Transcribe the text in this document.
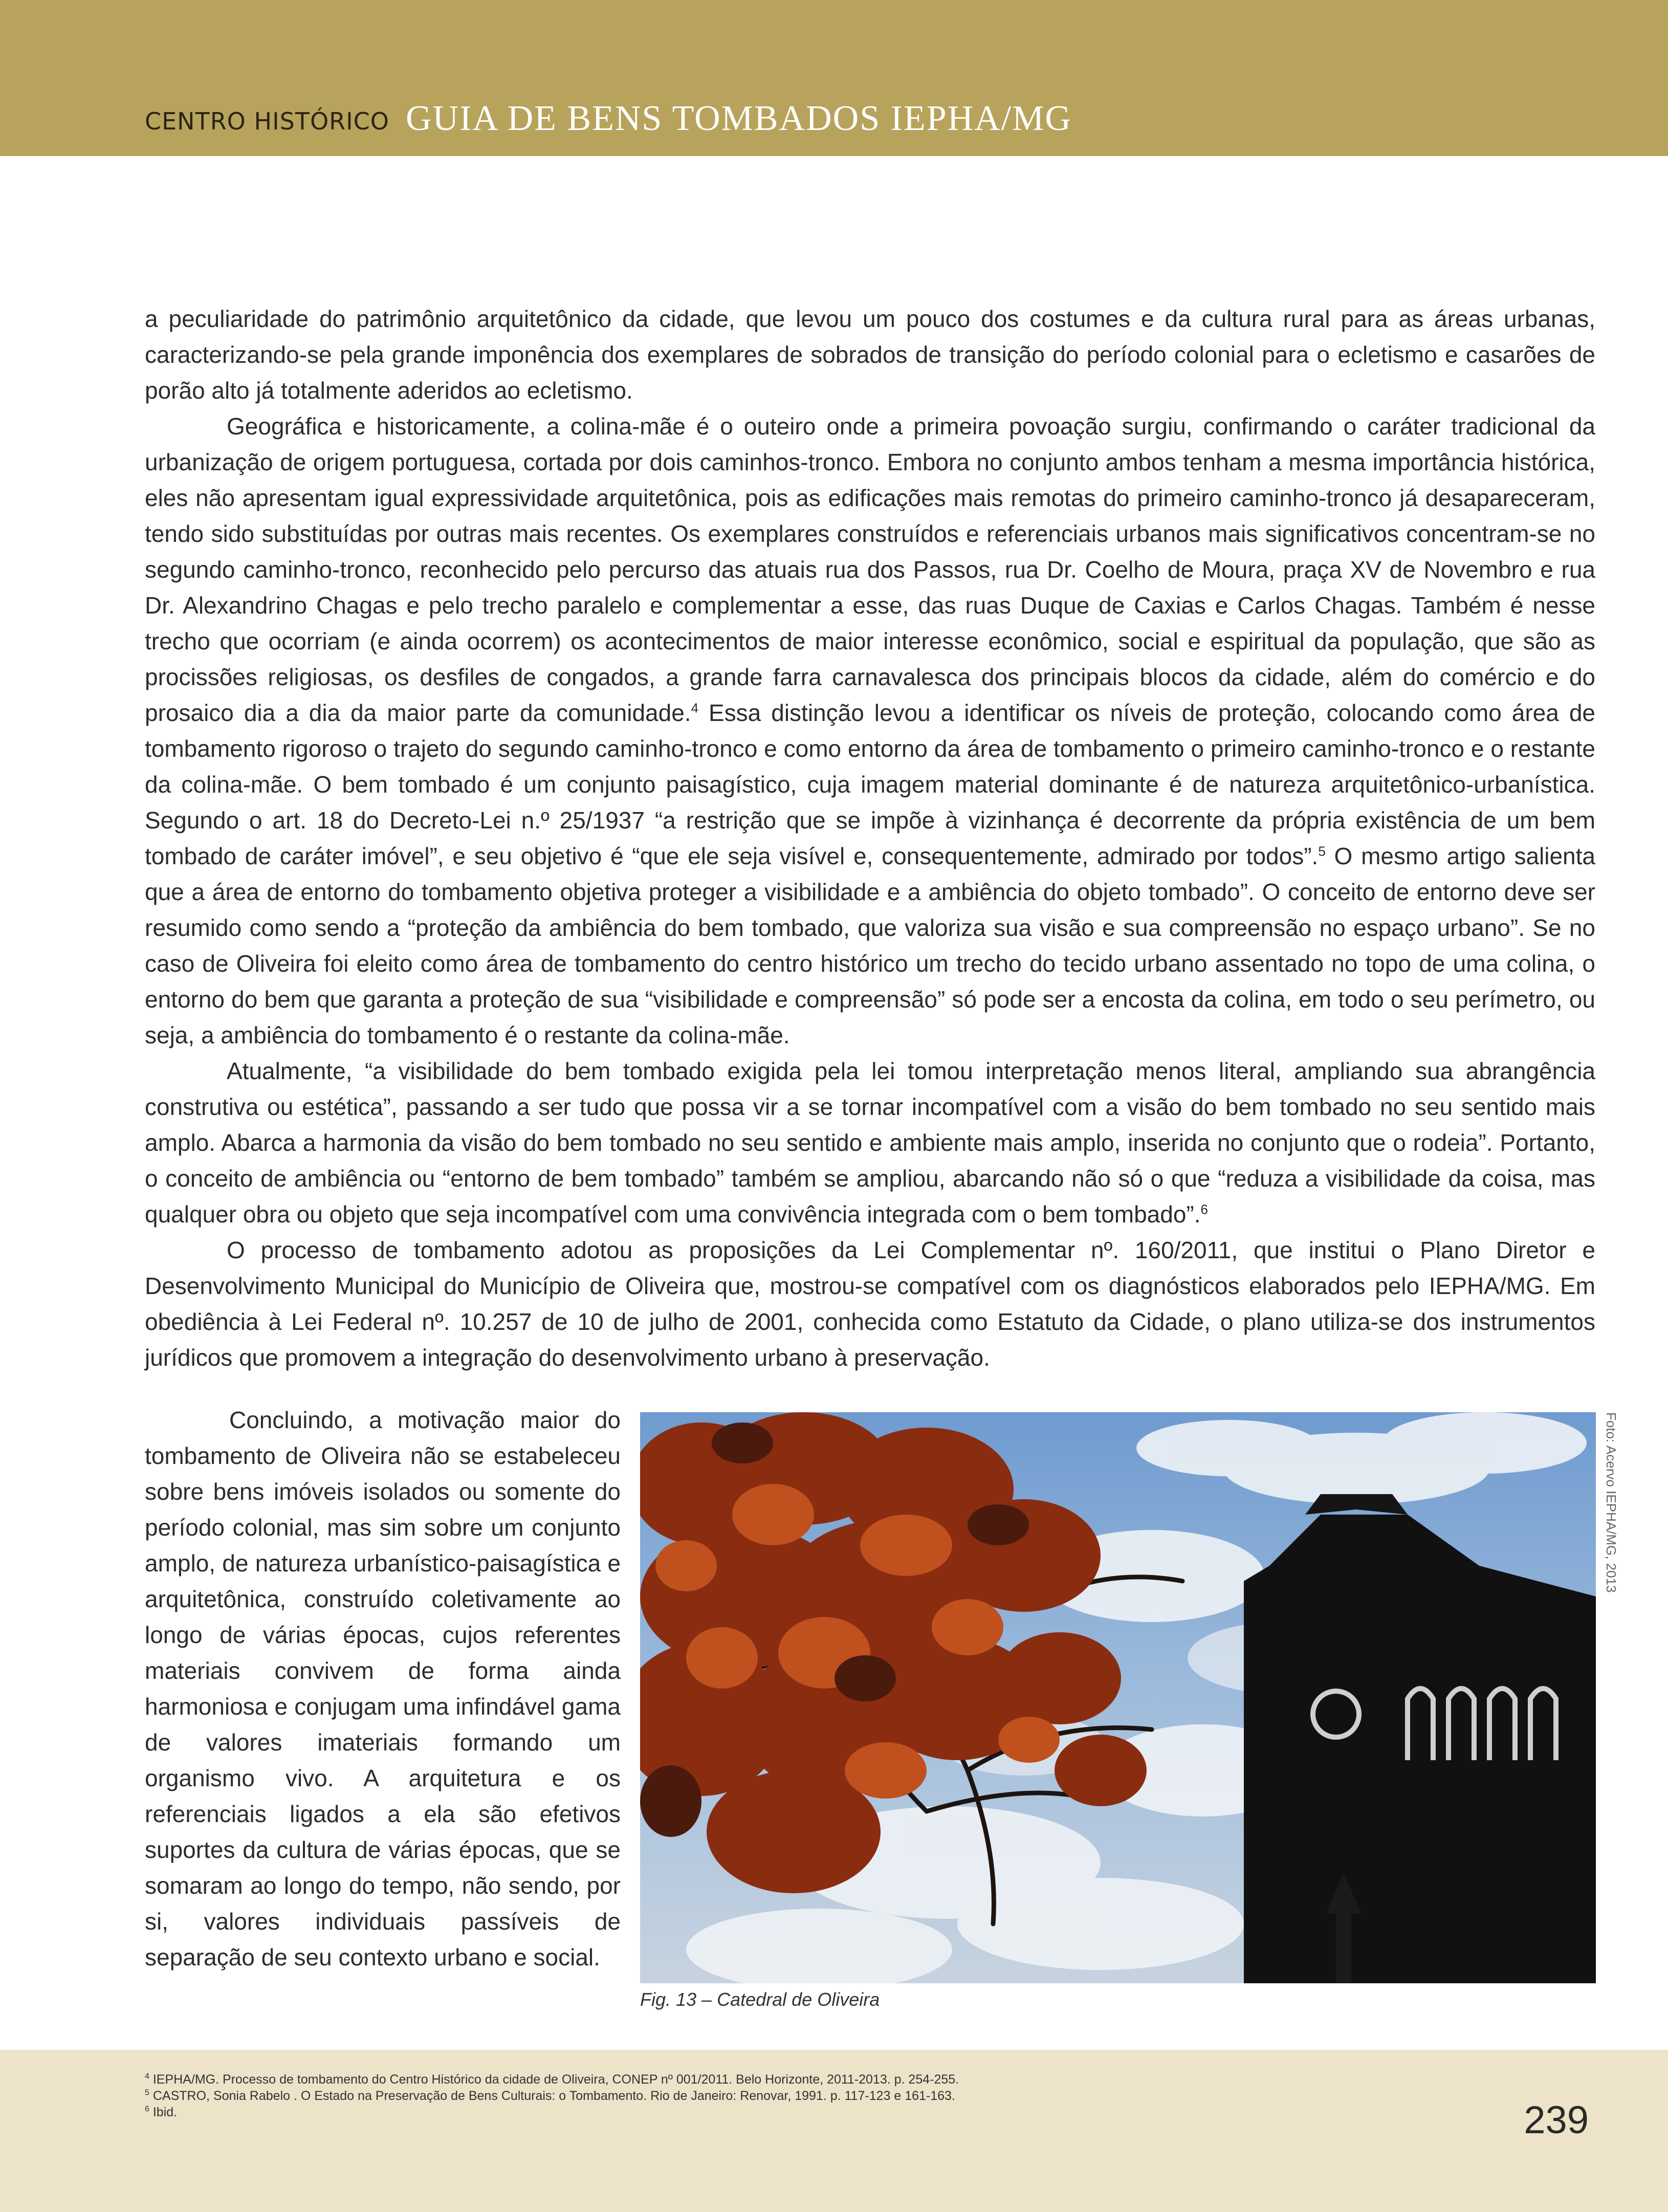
CENTRO HISTÓRICO GUIA DE BENS TOMBADOS IEPHA/MG

a peculiaridade do patrimônio arquitetônico da cidade, que levou um pouco dos costumes e da cultura rural para as áreas urbanas, caracterizando-se pela grande imponência dos exemplares de sobrados de transição do período colonial para o ecletismo e casarões de porão alto já totalmente aderidos ao ecletismo.

Geográfica e historicamente, a colina-mãe é o outeiro onde a primeira povoação surgiu, confirmando o caráter tradicional da urbanização de origem portuguesa, cortada por dois caminhos-tronco. Embora no conjunto ambos tenham a mesma importância histórica, eles não apresentam igual expressividade arquitetônica, pois as edificações mais remotas do primeiro caminho-tronco já desapareceram, tendo sido substituídas por outras mais recentes. Os exemplares construídos e referenciais urbanos mais significativos concentram-se no segundo caminho-tronco, reconhecido pelo percurso das atuais rua dos Passos, rua Dr. Coelho de Moura, praça XV de Novembro e rua Dr. Alexandrino Chagas e pelo trecho paralelo e complementar a esse, das ruas Duque de Caxias e Carlos Chagas. Também é nesse trecho que ocorriam (e ainda ocorrem) os acontecimentos de maior interesse econômico, social e espiritual da população, que são as procissões religiosas, os desfiles de congados, a grande farra carnavalesca dos principais blocos da cidade, além do comércio e do prosaico dia a dia da maior parte da comunidade.$^4$ Essa distinção levou a identificar os níveis de proteção, colocando como área de tombamento rigoroso o trajeto do segundo caminho-tronco e como entorno da área de tombamento o primeiro caminho-tronco e o restante da colina-mãe. O bem tombado é um conjunto paisagístico, cuja imagem material dominante é de natureza arquitetônico-urbanística. Segundo o art. 18 do Decreto-Lei n.º 25/1937 “a restrição que se impõe à vizinhança é decorrente da própria existência de um bem tombado de caráter imóvel”, e seu objetivo é “que ele seja visível e, consequentemente, admirado por todos”.$^5$ O mesmo artigo salienta que a área de entorno do tombamento objetiva proteger a visibilidade e a ambiência do objeto tombado”. O conceito de entorno deve ser resumido como sendo a “proteção da ambiência do bem tombado, que valoriza sua visão e sua compreensão no espaço urbano”. Se no caso de Oliveira foi eleito como área de tombamento do centro histórico um trecho do tecido urbano assentado no topo de uma colina, o entorno do bem que garanta a proteção de sua “visibilidade e compreensão” só pode ser a encosta da colina, em todo o seu perímetro, ou seja, a ambiência do tombamento é o restante da colina-mãe.

Atualmente, “a visibilidade do bem tombado exigida pela lei tomou interpretação menos literal, ampliando sua abrangência construtiva ou estética”, passando a ser tudo que possa vir a se tornar incompatível com a visão do bem tombado no seu sentido mais amplo. Abarca a harmonia da visão do bem tombado no seu sentido e ambiente mais amplo, inserida no conjunto que o rodeia”. Portanto, o conceito de ambiência ou “entorno de bem tombado” também se ampliou, abarcando não só o que “reduza a visibilidade da coisa, mas qualquer obra ou objeto que seja incompatível com uma convivência integrada com o bem tombado”.$^6$

O processo de tombamento adotou as proposições da Lei Complementar nº. 160/2011, que institui o Plano Diretor e Desenvolvimento Municipal do Município de Oliveira que, mostrou-se compatível com os diagnósticos elaborados pelo IEPHA/MG. Em obediência à Lei Federal nº. 10.257 de 10 de julho de 2001, conhecida como Estatuto da Cidade, o plano utiliza-se dos instrumentos jurídicos que promovem a integração do desenvolvimento urbano à preservação.

Concluindo, a motivação maior do tombamento de Oliveira não se estabeleceu sobre bens imóveis isolados ou somente do período colonial, mas sim sobre um conjunto amplo, de natureza urbanístico-paisagística e arquitetônica, construído coletivamente ao longo de várias épocas, cujos referentes materiais convivem de forma ainda harmoniosa e conjugam uma infindável gama de valores imateriais formando um organismo vivo. A arquitetura e os referenciais ligados a ela são efetivos suportes da cultura de várias épocas, que se somaram ao longo do tempo, não sendo, por si, valores individuais passíveis de separação de seu contexto urbano e social.

Foto: Acervo IEPHA/MG, 2013
Fig. 13 – Catedral de Oliveira
$^4$ IEPHA/MG. Processo de tombamento do Centro Histórico da cidade de Oliveira, CONEP nº 001/2011. Belo Horizonte, 2011-2013. p. 254-255.
$^5$ CASTRO, Sonia Rabelo . O Estado na Preservação de Bens Culturais: o Tombamento. Rio de Janeiro: Renovar, 1991. p. 117-123 e 161-163.
$^6$ Ibid.	239
